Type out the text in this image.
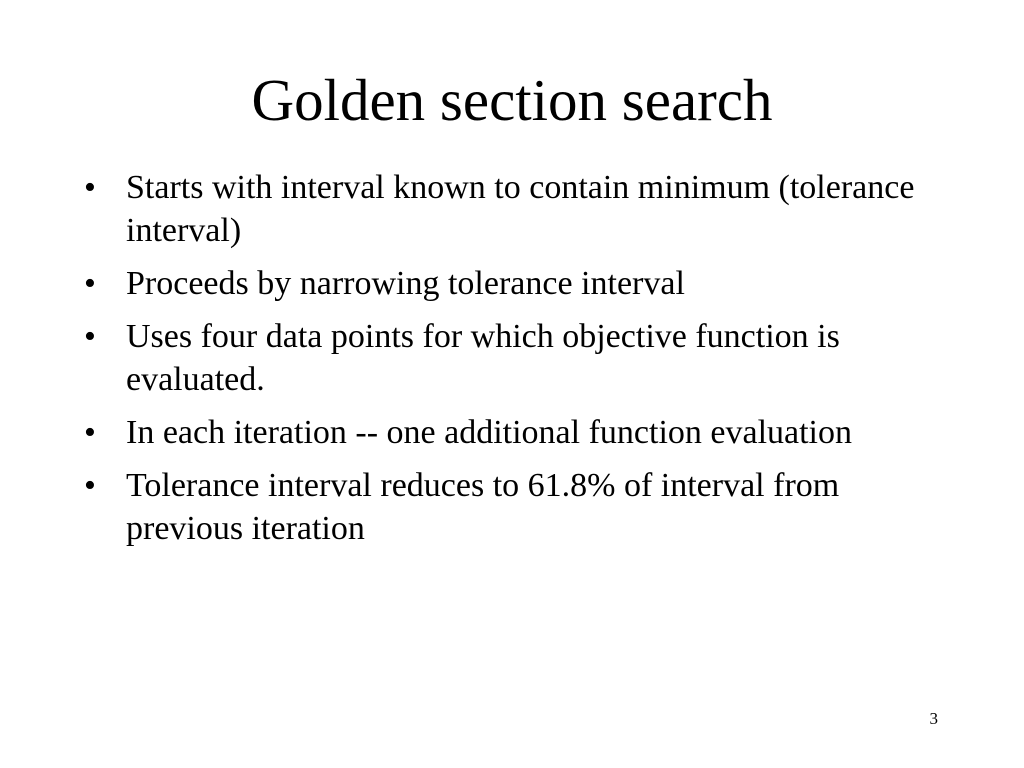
Golden section search
• Starts with interval known to contain minimum (tolerance interval)
• Proceeds by narrowing tolerance interval
• Uses four data points for which objective function is evaluated.
• In each iteration -- one additional function evaluation
• Tolerance interval reduces to 61.8% of interval from previous iteration
3
